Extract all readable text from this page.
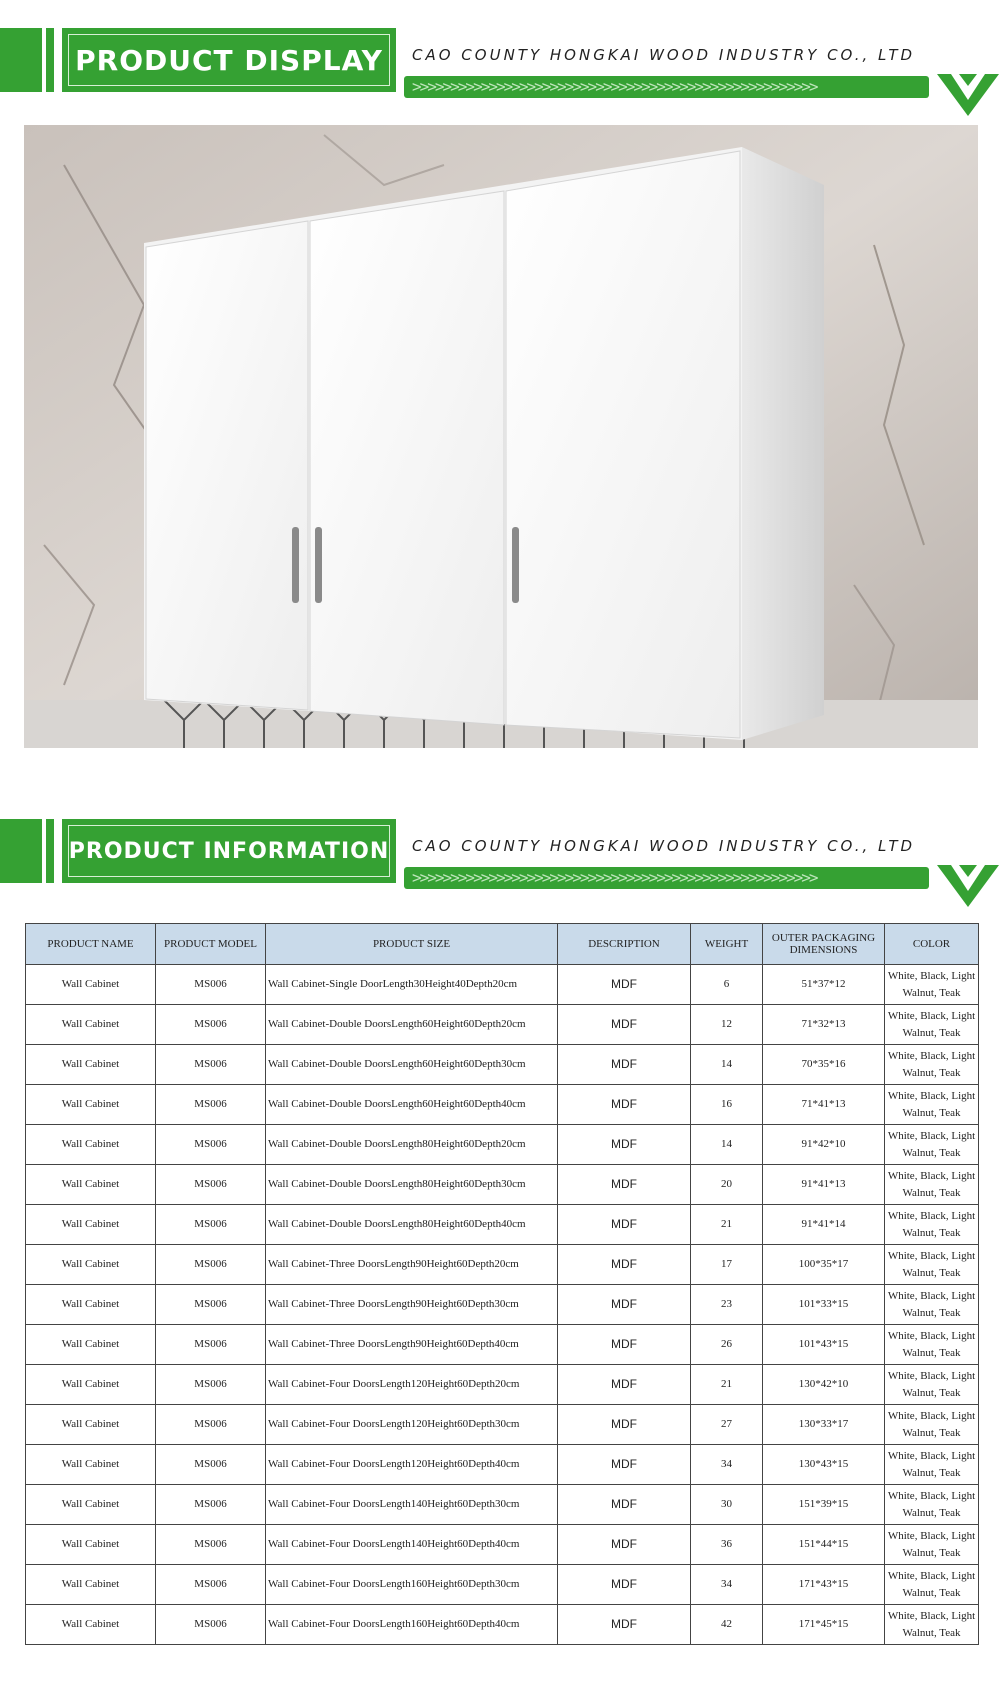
PRODUCT DISPLAY	CAO COUNTY HONGKAI WOOD INDUSTRY CO., LTD
>>>>>>>>>>>>>>>>>>>>>>>>>>>>>>>>>>>>>>>>>>>>>>>>>>>>>
PRODUCT INFORMATION CAO COUNTY HONGKAI WOOD INDUSTRY CO., LTD
>>>>>>>>>>>>>>>>>>>>>>>>>>>>>>>>>>>>>>>>>>>>>>>>>>>>>
PRODUCT NAME	PRODUCT MODEL	PRODUCT SIZE	DESCRIPTION	WEIGHT	OUTER PACKAGING DIMENSIONS	COLOR
Wall Cabinet	MS006	Wall Cabinet-Single DoorLength30Height40Depth20cm	MDF	6	51*37*12	White, Black, Light Walnut, Teak
Wall Cabinet	MS006	Wall Cabinet-Double DoorsLength60Height60Depth20cm	MDF	12	71*32*13	White, Black, Light Walnut, Teak
Wall Cabinet	MS006	Wall Cabinet-Double DoorsLength60Height60Depth30cm	MDF	14	70*35*16	White, Black, Light Walnut, Teak
Wall Cabinet	MS006	Wall Cabinet-Double DoorsLength60Height60Depth40cm	MDF	16	71*41*13	White, Black, Light Walnut, Teak
Wall Cabinet	MS006	Wall Cabinet-Double DoorsLength80Height60Depth20cm	MDF	14	91*42*10	White, Black, Light Walnut, Teak
Wall Cabinet	MS006	Wall Cabinet-Double DoorsLength80Height60Depth30cm	MDF	20	91*41*13	White, Black, Light Walnut, Teak
Wall Cabinet	MS006	Wall Cabinet-Double DoorsLength80Height60Depth40cm	MDF	21	91*41*14	White, Black, Light Walnut, Teak
Wall Cabinet	MS006	Wall Cabinet-Three DoorsLength90Height60Depth20cm	MDF	17	100*35*17	White, Black, Light Walnut, Teak
Wall Cabinet	MS006	Wall Cabinet-Three DoorsLength90Height60Depth30cm	MDF	23	101*33*15	White, Black, Light Walnut, Teak
Wall Cabinet	MS006	Wall Cabinet-Three DoorsLength90Height60Depth40cm	MDF	26	101*43*15	White, Black, Light Walnut, Teak
Wall Cabinet	MS006	Wall Cabinet-Four DoorsLength120Height60Depth20cm	MDF	21	130*42*10	White, Black, Light Walnut, Teak
Wall Cabinet	MS006	Wall Cabinet-Four DoorsLength120Height60Depth30cm	MDF	27	130*33*17	White, Black, Light Walnut, Teak
Wall Cabinet	MS006	Wall Cabinet-Four DoorsLength120Height60Depth40cm	MDF	34	130*43*15	White, Black, Light Walnut, Teak
Wall Cabinet	MS006	Wall Cabinet-Four DoorsLength140Height60Depth30cm	MDF	30	151*39*15	White, Black, Light Walnut, Teak
Wall Cabinet	MS006	Wall Cabinet-Four DoorsLength140Height60Depth40cm	MDF	36	151*44*15	White, Black, Light Walnut, Teak
Wall Cabinet	MS006	Wall Cabinet-Four DoorsLength160Height60Depth30cm	MDF	34	171*43*15	White, Black, Light Walnut, Teak
Wall Cabinet	MS006	Wall Cabinet-Four DoorsLength160Height60Depth40cm	MDF	42	171*45*15	White, Black, Light Walnut, Teak
